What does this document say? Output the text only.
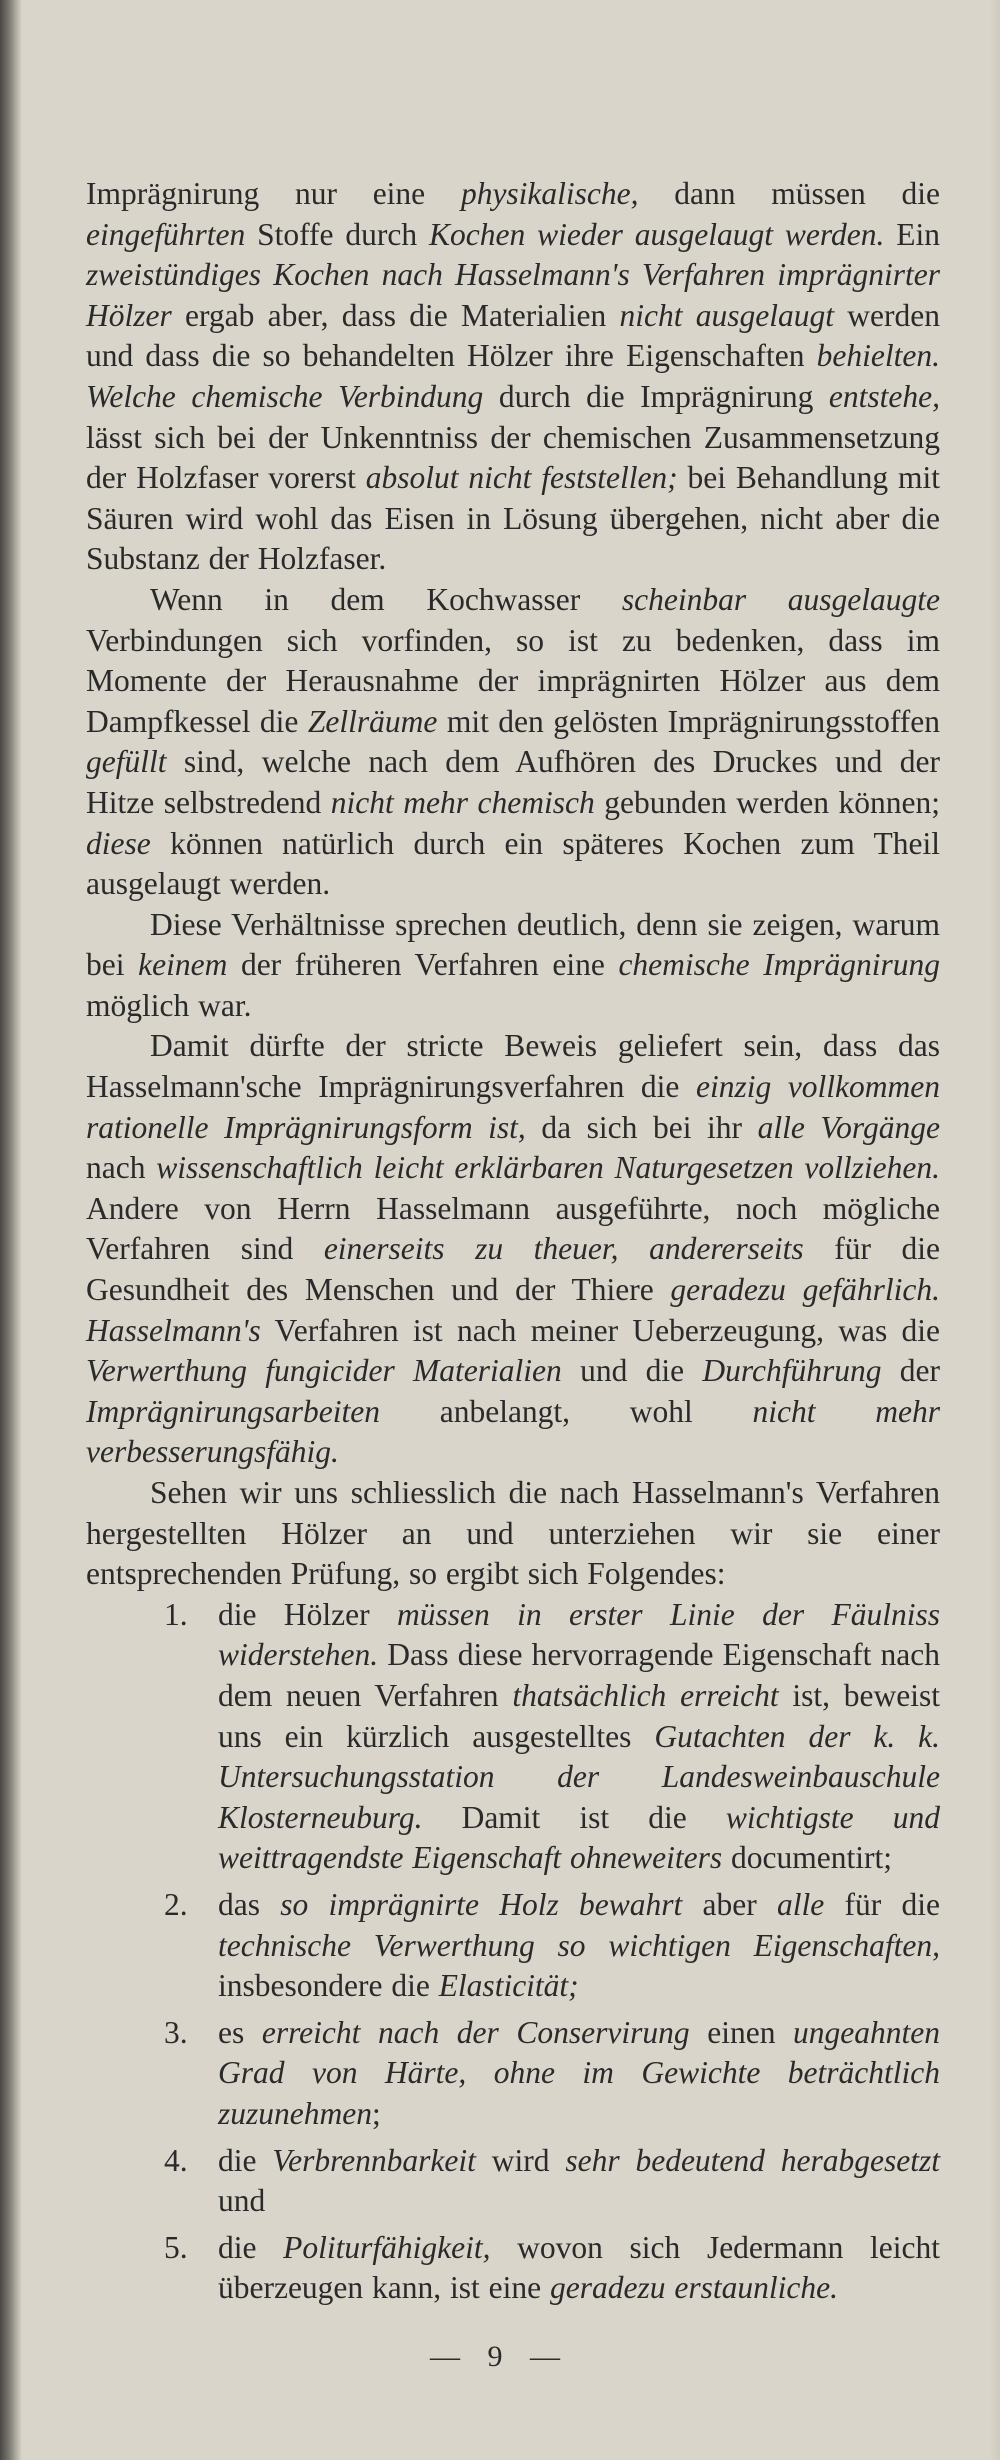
Imprägnirung nur eine physikalische, dann müssen die eingeführten Stoffe durch Kochen wieder ausgelaugt werden. Ein zweistündiges Kochen nach Hasselmann's Verfahren imprägnirter Hölzer ergab aber, dass die Materialien nicht ausgelaugt werden und dass die so behandelten Hölzer ihre Eigenschaften behielten. Welche chemische Verbindung durch die Imprägnirung entstehe, lässt sich bei der Unkenntniss der chemischen Zusammensetzung der Holzfaser vorerst absolut nicht feststellen; bei Behandlung mit Säuren wird wohl das Eisen in Lösung übergehen, nicht aber die Substanz der Holzfaser.

Wenn in dem Kochwasser scheinbar ausgelaugte Verbindungen sich vorfinden, so ist zu bedenken, dass im Momente der Herausnahme der imprägnirten Hölzer aus dem Dampfkessel die Zellräume mit den gelösten Imprägnirungsstoffen gefüllt sind, welche nach dem Aufhören des Druckes und der Hitze selbstredend nicht mehr chemisch gebunden werden können; diese können natürlich durch ein späteres Kochen zum Theil ausgelaugt werden.

Diese Verhältnisse sprechen deutlich, denn sie zeigen, warum bei keinem der früheren Verfahren eine chemische Imprägnirung möglich war.

Damit dürfte der stricte Beweis geliefert sein, dass das Hasselmann'sche Imprägnirungsverfahren die einzig vollkommen rationelle Imprägnirungsform ist, da sich bei ihr alle Vorgänge nach wissenschaftlich leicht erklärbaren Naturgesetzen vollziehen. Andere von Herrn Hasselmann ausgeführte, noch mögliche Verfahren sind einerseits zu theuer, andererseits für die Gesundheit des Menschen und der Thiere geradezu gefährlich. Hasselmann's Verfahren ist nach meiner Ueberzeugung, was die Verwerthung fungicider Materialien und die Durchführung der Imprägnirungsarbeiten anbelangt, wohl nicht mehr verbesserungsfähig.

Sehen wir uns schliesslich die nach Hasselmann's Verfahren hergestellten Hölzer an und unterziehen wir sie einer entsprechenden Prüfung, so ergibt sich Folgendes:

1. die Hölzer müssen in erster Linie der Fäulniss widerstehen. Dass diese hervorragende Eigenschaft nach dem neuen Verfahren thatsächlich erreicht ist, beweist uns ein kürzlich ausgestelltes Gutachten der k. k. Untersuchungsstation der Landesweinbauschule Klosterneuburg. Damit ist die wichtigste und weittragendste Eigenschaft ohneweiters documentirt;
2. das so imprägnirte Holz bewahrt aber alle für die technische Verwerthung so wichtigen Eigenschaften, insbesondere die Elasticität;
3. es erreicht nach der Conservirung einen ungeahnten Grad von Härte, ohne im Gewichte beträchtlich zuzunehmen;
4. die Verbrennbarkeit wird sehr bedeutend herabgesetzt und
5. die Politurfähigkeit, wovon sich Jedermann leicht überzeugen kann, ist eine geradezu erstaunliche.
— 9 —
